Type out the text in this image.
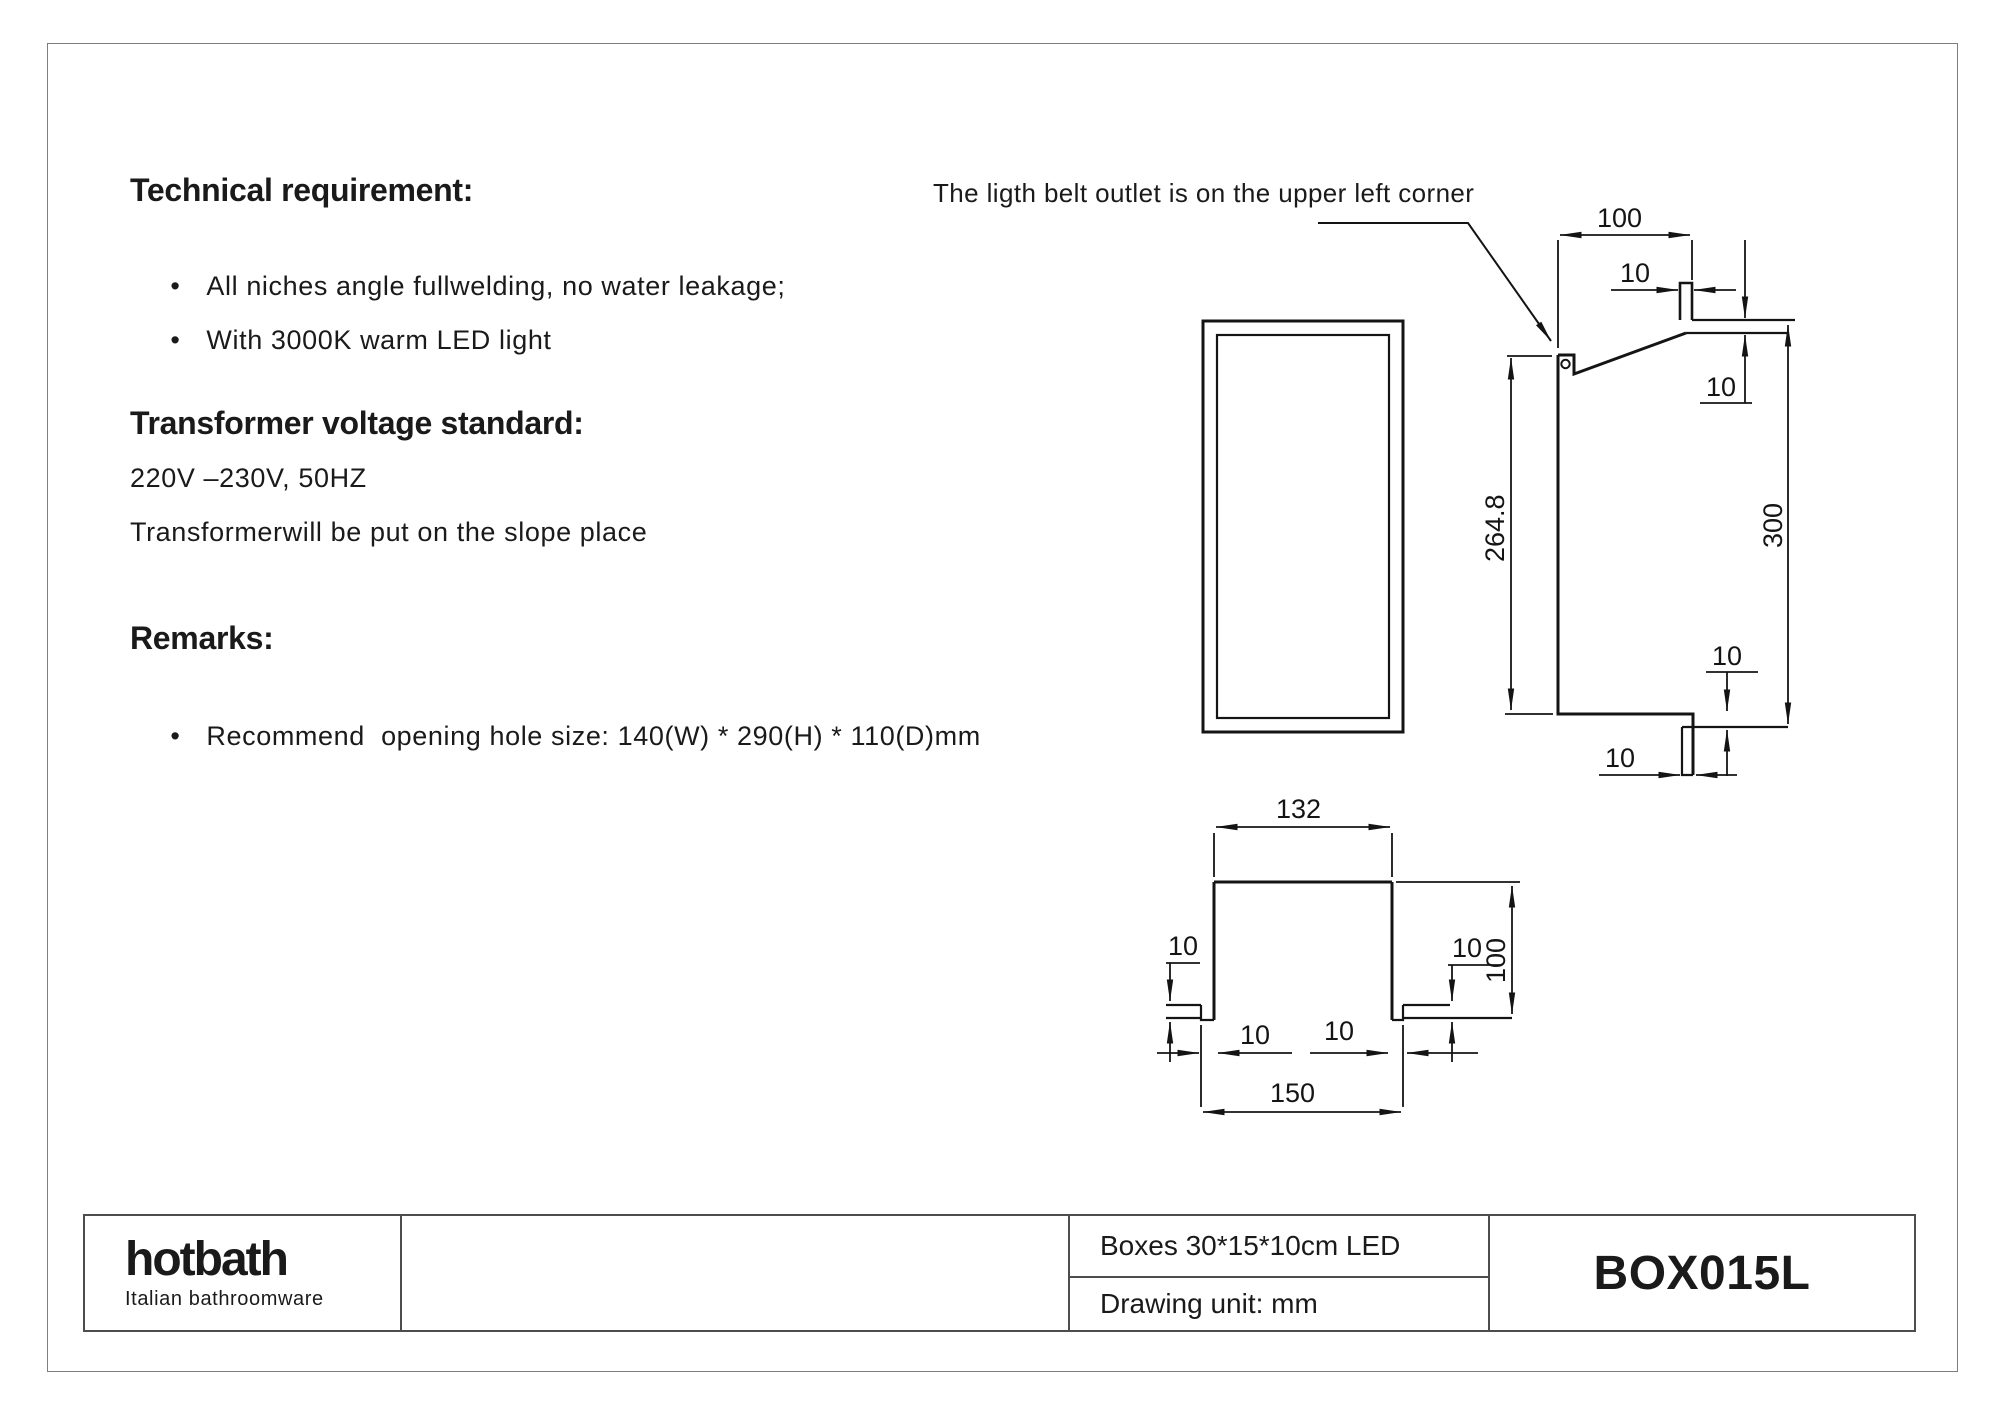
Technical requirement:

• All niches angle fullwelding, no water leakage;

• With 3000K warm LED light

Transformer voltage standard:
220V –230V, 50HZ
Transformerwill be put on the slope place
Remarks:

• Recommend  opening hole size: 140(W) * 290(H) * 110(D)mm

The ligth belt outlet is on the upper left corner
100
10
10
264.8	300
10
10
132
100
10	10
10 10
150
hotbath
Italian bathroomware
Boxes 30*15*10cm LED
Drawing unit: mm
BOX015L
